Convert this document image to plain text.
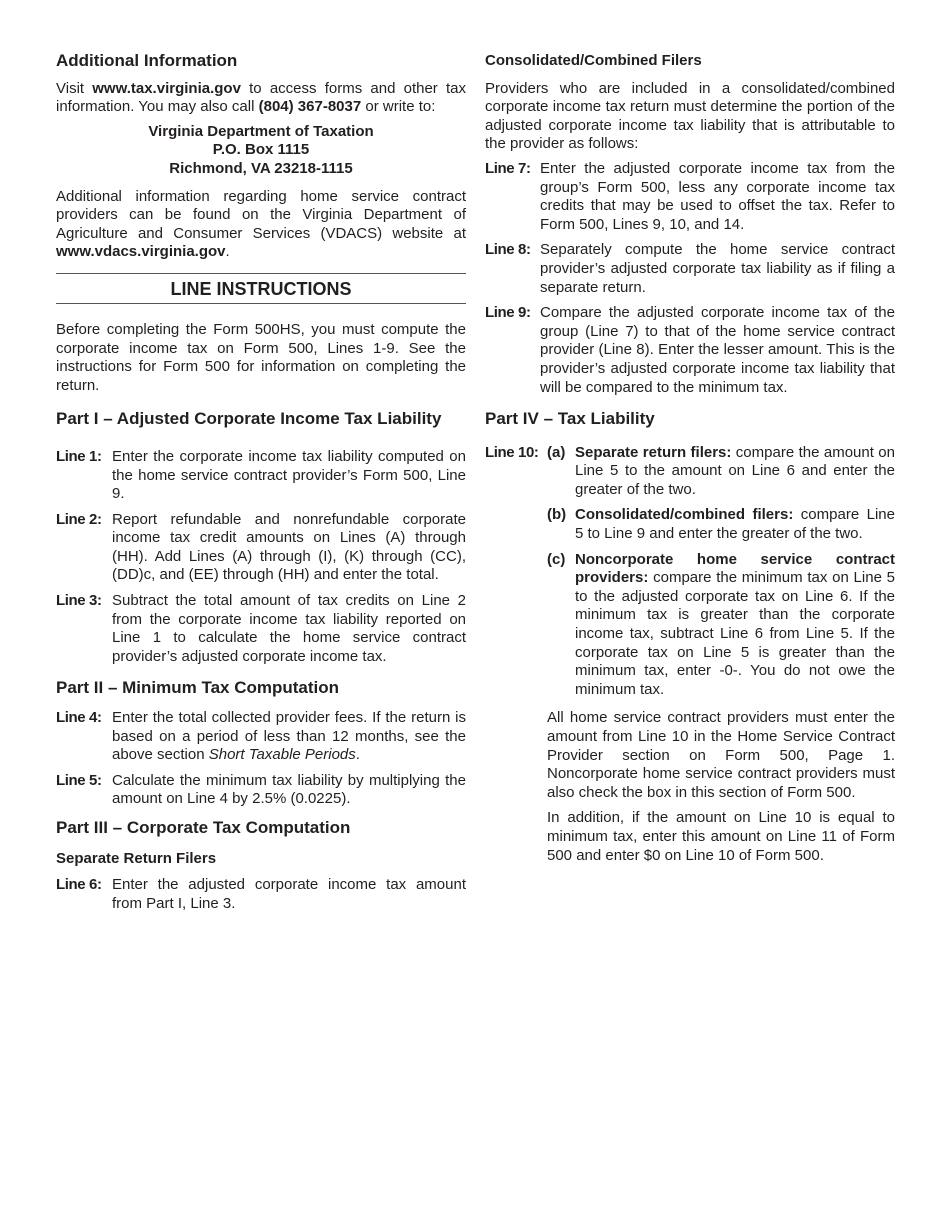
Additional Information

Visit www.tax.virginia.gov to access forms and other tax information. You may also call (804) 367-8037 or write to:

Virginia Department of Taxation
P.O. Box 1115
Richmond, VA 23218-1115

Additional information regarding home service contract providers can be found on the Virginia Department of Agriculture and Consumer Services (VDACS) website at www.vdacs.virginia.gov.

LINE INSTRUCTIONS

Before completing the Form 500HS, you must compute the corporate income tax on Form 500, Lines 1-9. See the instructions for Form 500 for information on completing the return.

Part I – Adjusted Corporate Income Tax Liability
Line 1: Enter the corporate income tax liability computed on the home service contract provider’s Form 500, Line 9.
Line 2: Report refundable and nonrefundable corporate income tax credit amounts on Lines (A) through (HH). Add Lines (A) through (I), (K) through (CC), (DD)c, and (EE) through (HH) and enter the total.
Line 3: Subtract the total amount of tax credits on Line 2 from the corporate income tax liability reported on Line 1 to calculate the home service contract provider’s adjusted corporate income tax.
Part II – Minimum Tax Computation
Line 4: Enter the total collected provider fees. If the return is based on a period of less than 12 months, see the above section Short Taxable Periods.
Line 5: Calculate the minimum tax liability by multiplying the amount on Line 4 by 2.5% (0.0225).
Part III – Corporate Tax Computation
Separate Return Filers
Line 6: Enter the adjusted corporate income tax amount from Part I, Line 3.
Consolidated/Combined Filers

Providers who are included in a consolidated/combined corporate income tax return must determine the portion of the adjusted corporate income tax liability that is attributable to the provider as follows:

Line 7: Enter the adjusted corporate income tax from the group’s Form 500, less any corporate income tax credits that may be used to offset the tax. Refer to Form 500, Lines 9, 10, and 14.
Line 8: Separately compute the home service contract provider’s adjusted corporate tax liability as if filing a separate return.
Line 9: Compare the adjusted corporate income tax of the group (Line 7) to that of the home service contract provider (Line 8). Enter the lesser amount. This is the provider’s adjusted corporate income tax liability that will be compared to the minimum tax.
Part IV – Tax Liability
Line 10: (a) Separate return filers: compare the amount on Line 5 to the amount on Line 6 and enter the greater of the two.
(b) Consolidated/combined filers: compare Line 5 to Line 9 and enter the greater of the two.
(c) Noncorporate home service contract providers: compare the minimum tax on Line 5 to the adjusted corporate tax on Line 6. If the minimum tax is greater than the corporate income tax, subtract Line 6 from Line 5. If the corporate tax on Line 5 is greater than the minimum tax, enter -0-. You do not owe the minimum tax.

All home service contract providers must enter the amount from Line 10 in the Home Service Contract Provider section on Form 500, Page 1. Noncorporate home service contract providers must also check the box in this section of Form 500.

In addition, if the amount on Line 10 is equal to minimum tax, enter this amount on Line 11 of Form 500 and enter $0 on Line 10 of Form 500.
